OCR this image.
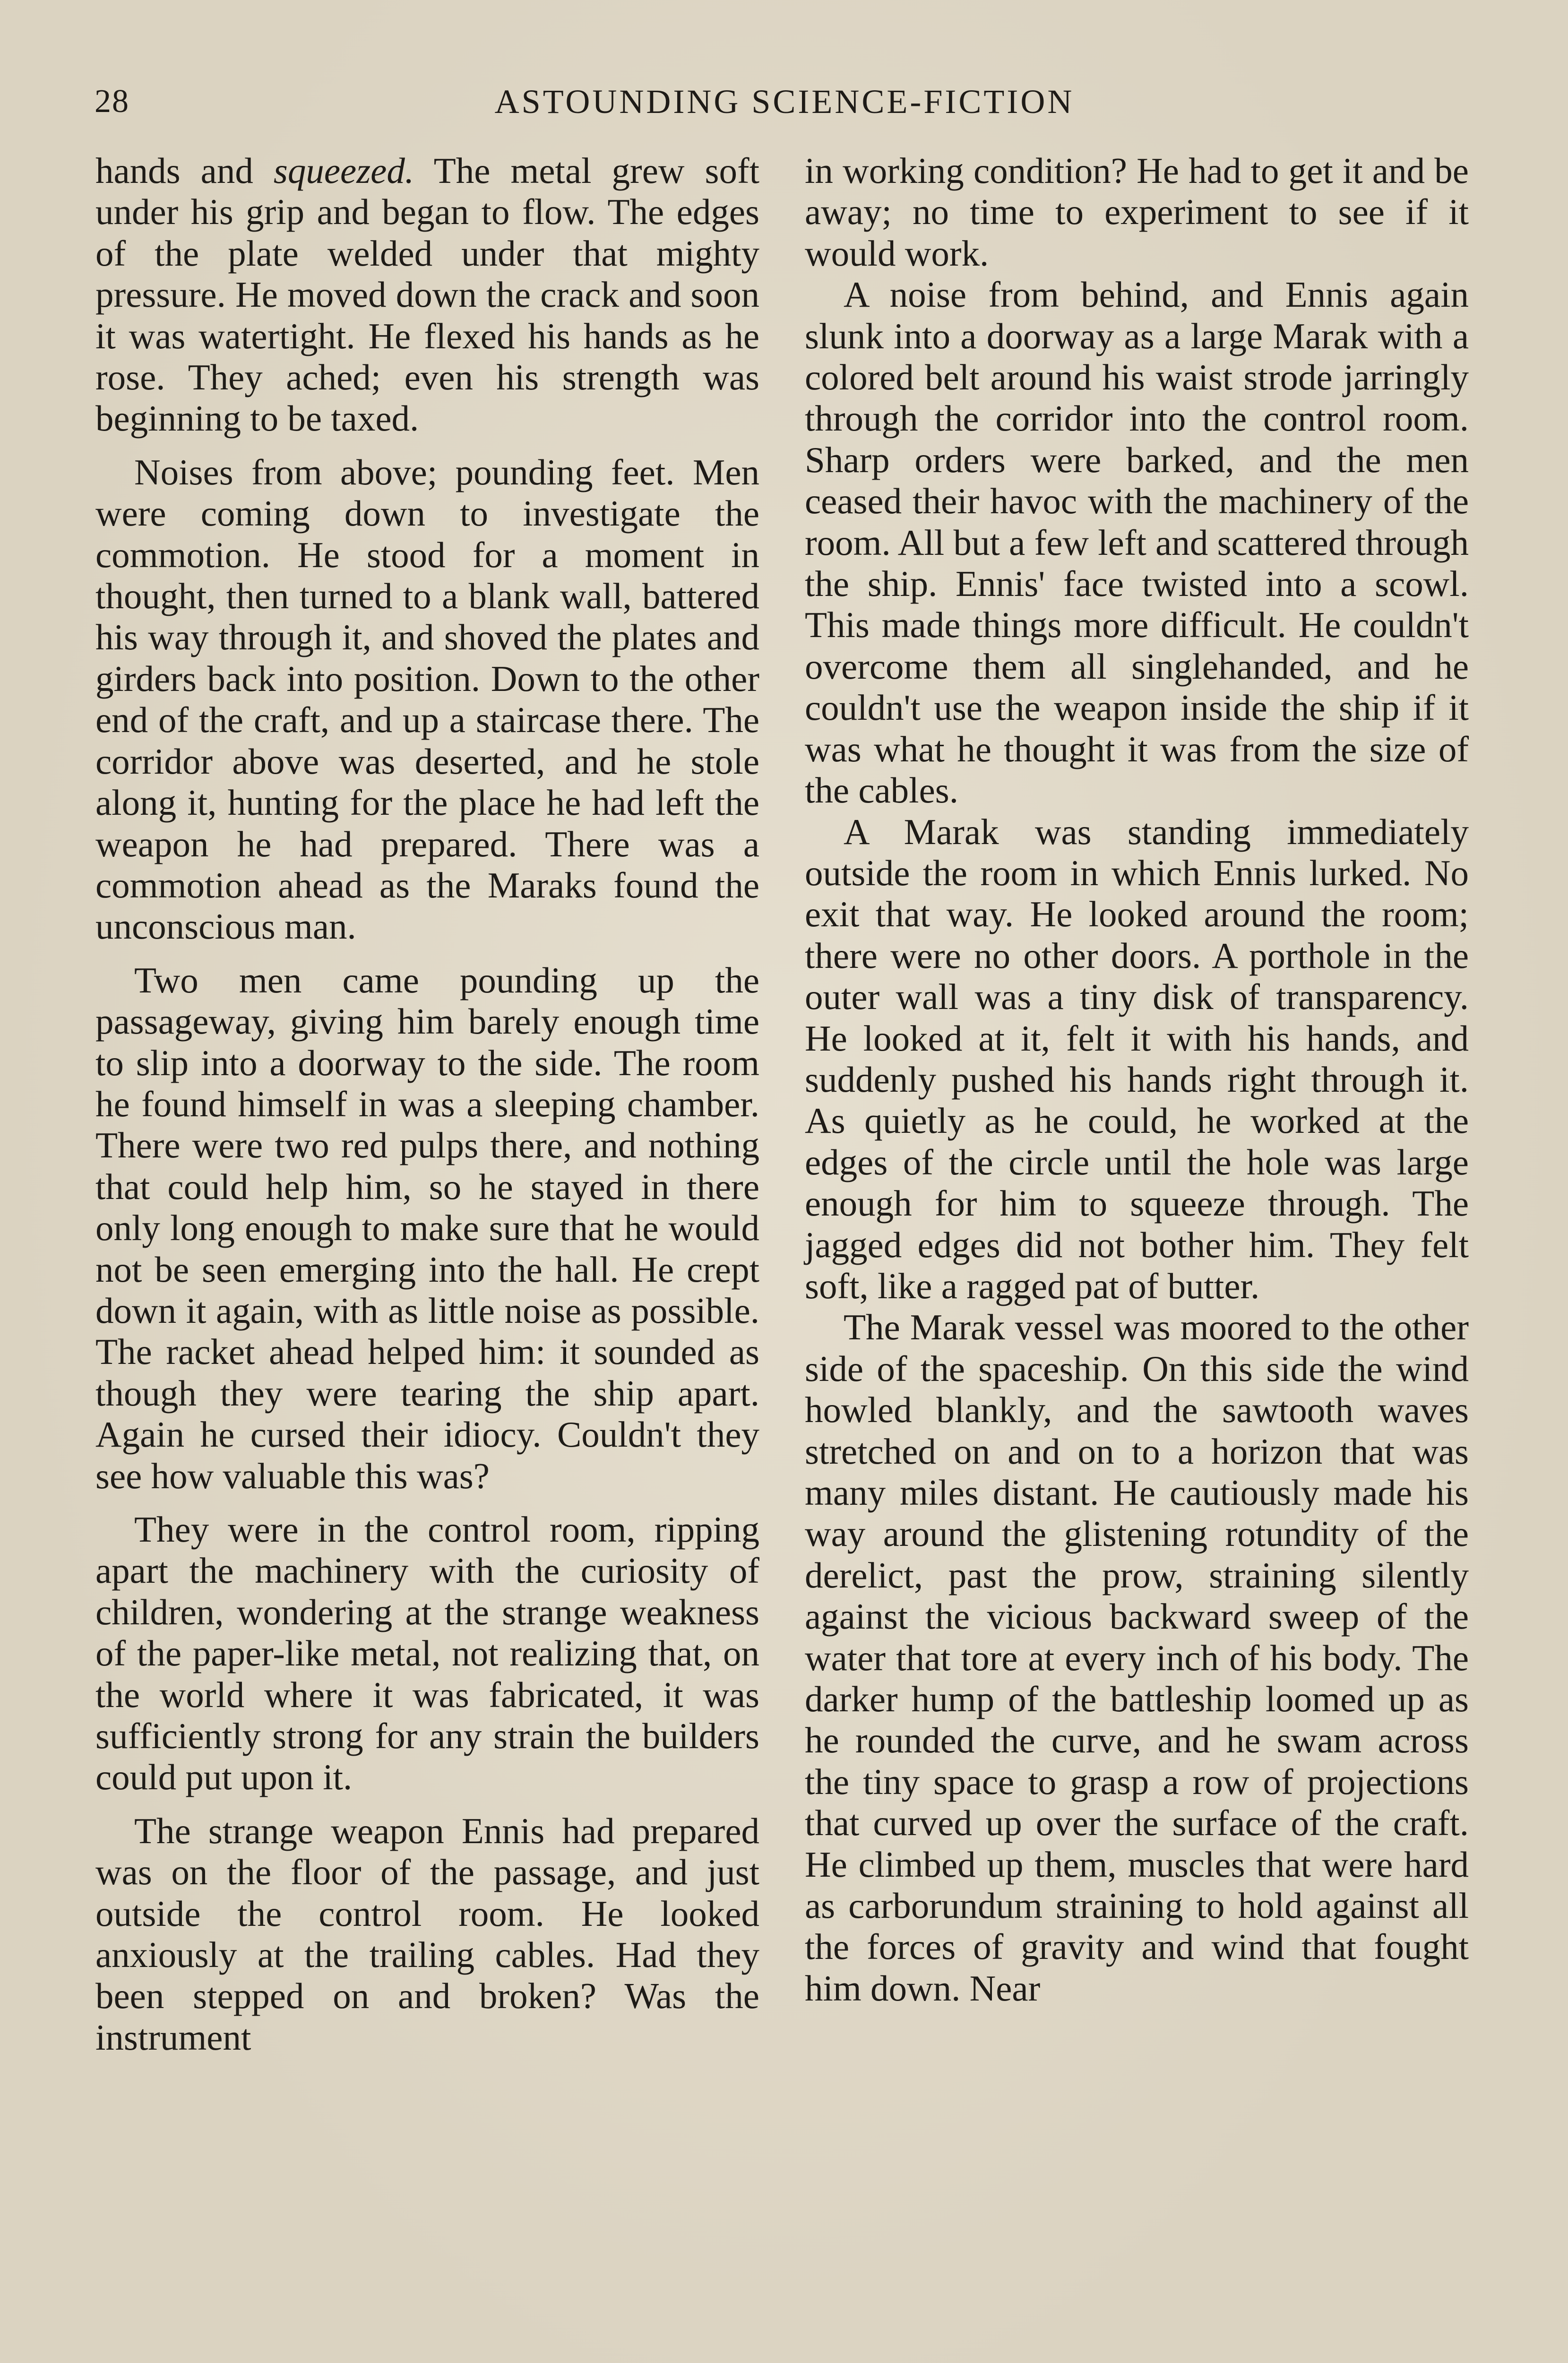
28	ASTOUNDING SCIENCE-FICTION

hands and squeezed. The metal grew soft under his grip and began to flow. The edges of the plate welded under that mighty pressure. He moved down the crack and soon it was watertight. He flexed his hands as he rose. They ached; even his strength was beginning to be taxed.

Noises from above; pounding feet. Men were coming down to investigate the commotion. He stood for a moment in thought, then turned to a blank wall, battered his way through it, and shoved the plates and girders back into position. Down to the other end of the craft, and up a staircase there. The corridor above was deserted, and he stole along it, hunting for the place he had left the weapon he had prepared. There was a commotion ahead as the Maraks found the unconscious man.

Two men came pounding up the passageway, giving him barely enough time to slip into a doorway to the side. The room he found himself in was a sleeping chamber. There were two red pulps there, and nothing that could help him, so he stayed in there only long enough to make sure that he would not be seen emerging into the hall. He crept down it again, with as little noise as possible. The racket ahead helped him: it sounded as though they were tearing the ship apart. Again he cursed their idiocy. Couldn't they see how valuable this was?

They were in the control room, ripping apart the machinery with the curiosity of children, wondering at the strange weakness of the paper-like metal, not realizing that, on the world where it was fabricated, it was sufficiently strong for any strain the builders could put upon it.

The strange weapon Ennis had prepared was on the floor of the passage, and just outside the control room. He looked anxiously at the trailing cables. Had they been stepped on and broken? Was the instrument

in working condition? He had to get it and be away; no time to experiment to see if it would work.

A noise from behind, and Ennis again slunk into a doorway as a large Marak with a colored belt around his waist strode jarringly through the corridor into the control room. Sharp orders were barked, and the men ceased their havoc with the machinery of the room. All but a few left and scattered through the ship. Ennis' face twisted into a scowl. This made things more difficult. He couldn't overcome them all singlehanded, and he couldn't use the weapon inside the ship if it was what he thought it was from the size of the cables.

A Marak was standing immediately outside the room in which Ennis lurked. No exit that way. He looked around the room; there were no other doors. A porthole in the outer wall was a tiny disk of transparency. He looked at it, felt it with his hands, and suddenly pushed his hands right through it. As quietly as he could, he worked at the edges of the circle until the hole was large enough for him to squeeze through. The jagged edges did not bother him. They felt soft, like a ragged pat of butter.

The Marak vessel was moored to the other side of the spaceship. On this side the wind howled blankly, and the sawtooth waves stretched on and on to a horizon that was many miles distant. He cautiously made his way around the glistening rotundity of the derelict, past the prow, straining silently against the vicious backward sweep of the water that tore at every inch of his body. The darker hump of the battleship loomed up as he rounded the curve, and he swam across the tiny space to grasp a row of projections that curved up over the surface of the craft. He climbed up them, muscles that were hard as carborundum straining to hold against all the forces of gravity and wind that fought him down. Near
